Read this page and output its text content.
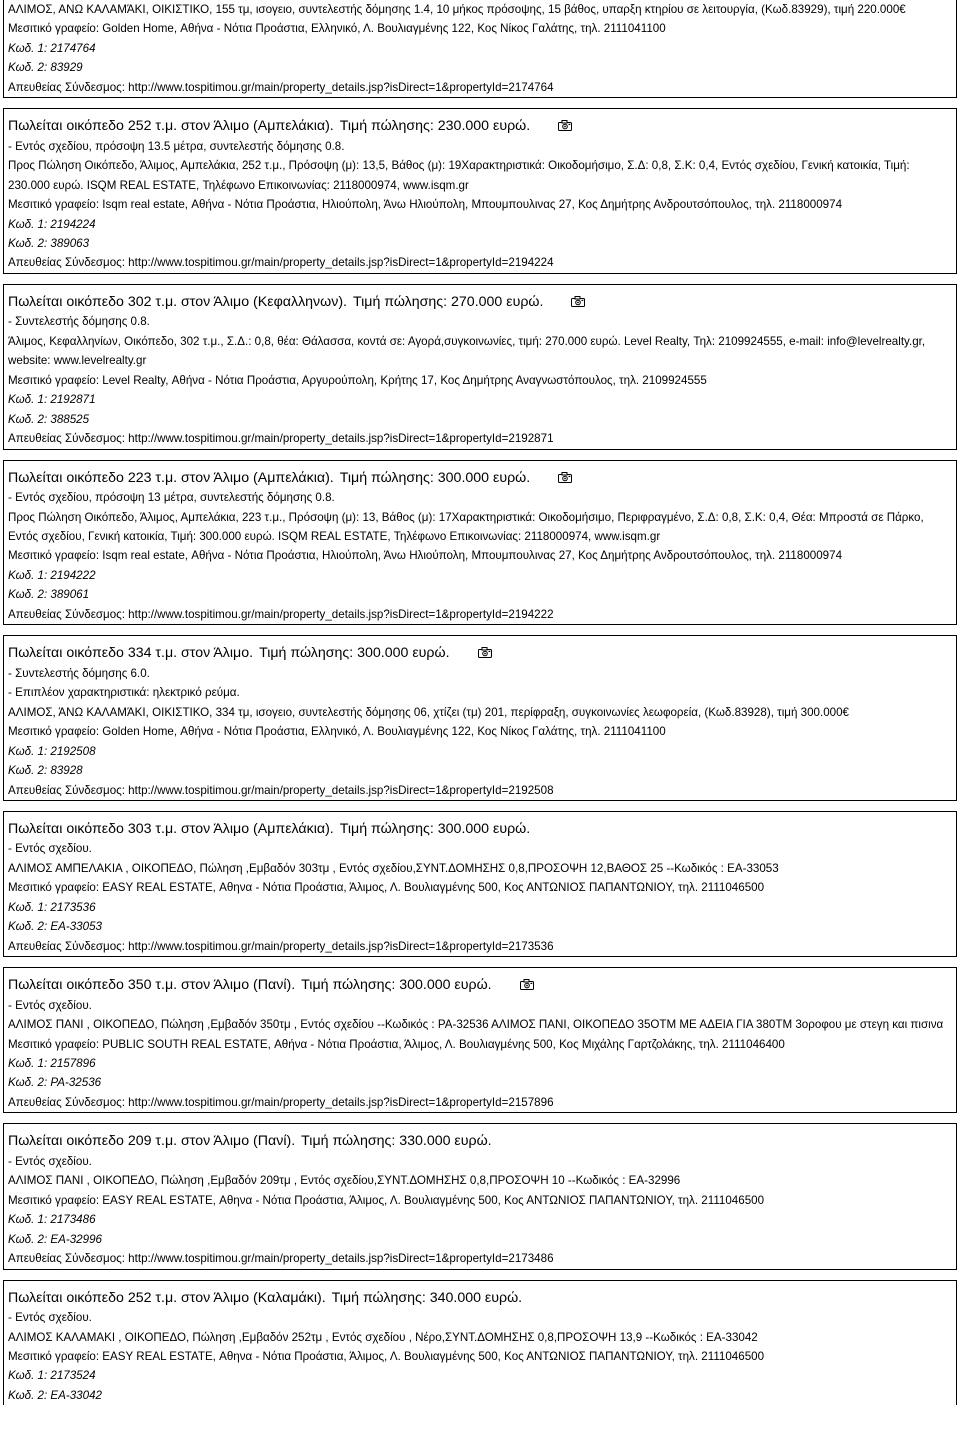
ΑΛΙΜΟΣ, ΑΝΩ ΚΑΛΑΜΆΚΙ, ΟΙΚΙΣΤΙΚΟ, 155 τμ, ισογειο, συντελεστής δόμησης 1.4, 10 μήκος πρόσοψης, 15 βάθος, υπαρξη κτηρίου σε λειτουργία, (Κωδ.83929), τιμή 220.000€
Μεσιτικό γραφείο: Golden Home, Αθήνα - Νότια Προάστια, Ελληνικό, Λ. Βουλιαγμένης 122, Κος Νίκος Γαλάτης, τηλ. 2111041100
Κωδ. 1: 2174764
Κωδ. 2: 83929
Απευθείας Σύνδεσμος: http://www.tospitimou.gr/main/property_details.jsp?isDirect=1&propertyId=2174764
Πωλείται οικόπεδο 252 τ.μ. στον Άλιμο (Αμπελάκια). Τιμή πώλησης: 230.000 ευρώ.
- Εντός σχεδίου, πρόσοψη 13.5 μέτρα, συντελεστής δόμησης 0.8.
Προς Πώληση Οικόπεδο, Άλιμος, Αμπελάκια, 252 τ.μ., Πρόσοψη (μ): 13,5, Βάθος (μ): 19Χαρακτηριστικά: Οικοδομήσιμο, Σ.Δ: 0,8, Σ.Κ: 0,4, Εντός σχεδίου, Γενική κατοικία, Τιμή: 230.000 ευρώ. ISQM REAL ESTATE, Τηλέφωνο Επικοινωνίας: 2118000974, www.isqm.gr
Μεσιτικό γραφείο: Isqm real estate, Αθήνα - Νότια Προάστια, Ηλιούπολη, Άνω Ηλιούπολη, Μπουμπουλινας 27, Κος Δημήτρης Ανδρουτσόπουλος, τηλ. 2118000974
Κωδ. 1: 2194224
Κωδ. 2: 389063
Απευθείας Σύνδεσμος: http://www.tospitimou.gr/main/property_details.jsp?isDirect=1&propertyId=2194224
Πωλείται οικόπεδο 302 τ.μ. στον Άλιμο (Κεφαλληνων). Τιμή πώλησης: 270.000 ευρώ.
- Συντελεστής δόμησης 0.8.
Άλιμος, Κεφαλληνίων, Οικόπεδο, 302 τ.μ., Σ.Δ.: 0,8, θέα: Θάλασσα, κοντά σε: Αγορά,συγκοινωνίες, τιμή: 270.000 ευρώ. Level Realty, Τηλ: 2109924555, e-mail: info@levelrealty.gr, website: www.levelrealty.gr
Μεσιτικό γραφείο: Level Realty, Αθήνα - Νότια Προάστια, Αργυρούπολη, Κρήτης 17, Κος Δημήτρης Αναγνωστόπουλος, τηλ. 2109924555
Κωδ. 1: 2192871
Κωδ. 2: 388525
Απευθείας Σύνδεσμος: http://www.tospitimou.gr/main/property_details.jsp?isDirect=1&propertyId=2192871
Πωλείται οικόπεδο 223 τ.μ. στον Άλιμο (Αμπελάκια). Τιμή πώλησης: 300.000 ευρώ.
- Εντός σχεδίου, πρόσοψη 13 μέτρα, συντελεστής δόμησης 0.8.
Προς Πώληση Οικόπεδο, Άλιμος, Αμπελάκια, 223 τ.μ., Πρόσοψη (μ): 13, Βάθος (μ): 17Χαρακτηριστικά: Οικοδομήσιμο, Περιφραγμένο, Σ.Δ: 0,8, Σ.Κ: 0,4, Θέα: Μπροστά σε Πάρκο, Εντός σχεδίου, Γενική κατοικία, Τιμή: 300.000 ευρώ. ISQM REAL ESTATE, Τηλέφωνο Επικοινωνίας: 2118000974, www.isqm.gr
Μεσιτικό γραφείο: Isqm real estate, Αθήνα - Νότια Προάστια, Ηλιούπολη, Άνω Ηλιούπολη, Μπουμπουλινας 27, Κος Δημήτρης Ανδρουτσόπουλος, τηλ. 2118000974
Κωδ. 1: 2194222
Κωδ. 2: 389061
Απευθείας Σύνδεσμος: http://www.tospitimou.gr/main/property_details.jsp?isDirect=1&propertyId=2194222
Πωλείται οικόπεδο 334 τ.μ. στον Άλιμο. Τιμή πώλησης: 300.000 ευρώ.
- Συντελεστής δόμησης 6.0.
- Επιπλέον χαρακτηριστικά: ηλεκτρικό ρεύμα.
ΑΛΙΜΟΣ, ΆΝΩ ΚΑΛΑΜΆΚΙ, ΟΙΚΙΣΤΙΚΟ, 334 τμ, ισογειο, συντελεστής δόμησης 06, χτίζει (τμ) 201, περίφραξη, συγκοινωνίες λεωφορεία, (Κωδ.83928), τιμή 300.000€
Μεσιτικό γραφείο: Golden Home, Αθήνα - Νότια Προάστια, Ελληνικό, Λ. Βουλιαγμένης 122, Κος Νίκος Γαλάτης, τηλ. 2111041100
Κωδ. 1: 2192508
Κωδ. 2: 83928
Απευθείας Σύνδεσμος: http://www.tospitimou.gr/main/property_details.jsp?isDirect=1&propertyId=2192508
Πωλείται οικόπεδο 303 τ.μ. στον Άλιμο (Αμπελάκια). Τιμή πώλησης: 300.000 ευρώ.
- Εντός σχεδίου.
ΑΛΙΜΟΣ ΑΜΠΕΛΑΚΙΑ , ΟΙΚΟΠΕΔΟ, Πώληση ,Εμβαδόν 303τμ , Εντός σχεδίου,ΣΥΝΤ.ΔΟΜΗΣΗΣ 0,8,ΠΡΟΣΟΨΗ 12,ΒΑΘΟΣ 25 --Κωδικός : ΕΑ-33053
Μεσιτικό γραφείο: EASY REAL ESTATE, Αθηνα - Νότια Προάστια, Άλιμος, Λ. Βουλιαγμένης 500, Κος ΑΝΤΩΝΙΟΣ ΠΑΠΑΝΤΩΝΙΟΥ, τηλ. 2111046500
Κωδ. 1: 2173536
Κωδ. 2: ΕΑ-33053
Απευθείας Σύνδεσμος: http://www.tospitimou.gr/main/property_details.jsp?isDirect=1&propertyId=2173536
Πωλείται οικόπεδο 350 τ.μ. στον Άλιμο (Πανί). Τιμή πώλησης: 300.000 ευρώ.
- Εντός σχεδίου.
ΑΛΙΜΟΣ ΠΑΝΙ , ΟΙΚΟΠΕΔΟ, Πώληση ,Εμβαδόν 350τμ , Εντός σχεδίου --Κωδικός : ΡΑ-32536 ΑΛΙΜΟΣ ΠΑΝΙ, ΟΙΚΟΠΕΔΟ 35ΟΤΜ ΜΕ ΑΔΕΙΑ ΓΙΑ 380ΤΜ 3οροφου με στεγη και πισινα
Μεσιτικό γραφείο: PUBLIC SOUTH REAL ESTATE, Αθήνα - Νότια Προάστια, Άλιμος, Λ. Βουλιαγμένης 500, Κος Μιχάλης Γαρτζολάκης, τηλ. 2111046400
Κωδ. 1: 2157896
Κωδ. 2: ΡΑ-32536
Απευθείας Σύνδεσμος: http://www.tospitimou.gr/main/property_details.jsp?isDirect=1&propertyId=2157896
Πωλείται οικόπεδο 209 τ.μ. στον Άλιμο (Πανί). Τιμή πώλησης: 330.000 ευρώ.
- Εντός σχεδίου.
ΑΛΙΜΟΣ ΠΑΝΙ , ΟΙΚΟΠΕΔΟ, Πώληση ,Εμβαδόν 209τμ , Εντός σχεδίου,ΣΥΝΤ.ΔΟΜΗΣΗΣ 0,8,ΠΡΟΣΟΨΗ 10 --Κωδικός : ΕΑ-32996
Μεσιτικό γραφείο: EASY REAL ESTATE, Αθηνα - Νότια Προάστια, Άλιμος, Λ. Βουλιαγμένης 500, Κος ΑΝΤΩΝΙΟΣ ΠΑΠΑΝΤΩΝΙΟΥ, τηλ. 2111046500
Κωδ. 1: 2173486
Κωδ. 2: ΕΑ-32996
Απευθείας Σύνδεσμος: http://www.tospitimou.gr/main/property_details.jsp?isDirect=1&propertyId=2173486
Πωλείται οικόπεδο 252 τ.μ. στον Άλιμο (Καλαμάκι). Τιμή πώλησης: 340.000 ευρώ.
- Εντός σχεδίου.
ΑΛΙΜΟΣ ΚΑΛΑΜΑΚΙ , ΟΙΚΟΠΕΔΟ, Πώληση ,Εμβαδόν 252τμ , Εντός σχεδίου , Νέρο,ΣΥΝΤ.ΔΟΜΗΣΗΣ 0,8,ΠΡΟΣΟΨΗ 13,9 --Κωδικός : ΕΑ-33042
Μεσιτικό γραφείο: EASY REAL ESTATE, Αθηνα - Νότια Προάστια, Άλιμος, Λ. Βουλιαγμένης 500, Κος ΑΝΤΩΝΙΟΣ ΠΑΠΑΝΤΩΝΙΟΥ, τηλ. 2111046500
Κωδ. 1: 2173524
Κωδ. 2: ΕΑ-33042
